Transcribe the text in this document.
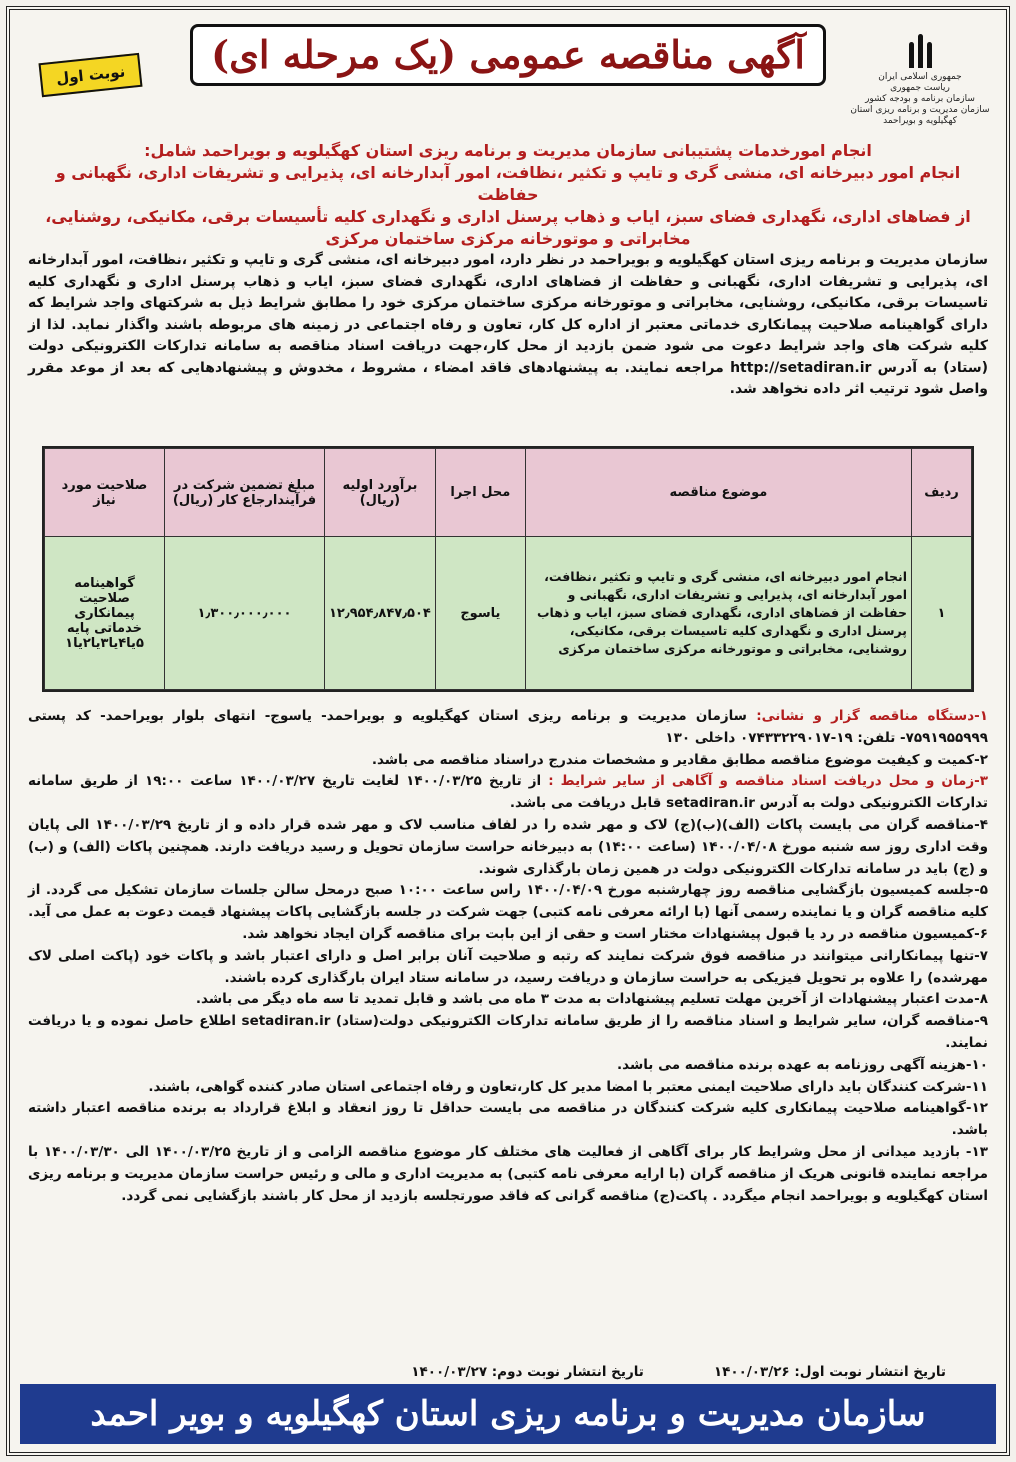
جمهوری اسلامی ایران
ریاست جمهوری
سازمان برنامه و بودجه کشور
سازمان مدیریت و برنامه ریزی استان کهگیلویه و بویراحمد
آگهی مناقصه عمومی (یک مرحله ای)
نوبت اول
انجام امورخدمات پشتیبانی سازمان مدیریت و برنامه ریزی استان کهگیلویه و بویراحمد شامل:
انجام امور دبیرخانه ای، منشی گری و تایپ و تکثیر ،نظافت، امور آبدارخانه ای، پذیرایی و تشریفات اداری، نگهبانی و حفاظت
از فضاهای اداری، نگهداری فضای سبز، ایاب و ذهاب پرسنل اداری و نگهداری کلیه تأسیسات برقی، مکانیکی، روشنایی،
مخابراتی و موتورخانه مرکزی ساختمان مرکزی
سازمان مدیریت و برنامه ریزی استان کهگیلویه و بویراحمد در نظر دارد، امور دبیرخانه ای، منشی گری و تایپ و تکثیر ،نظافت، امور آبدارخانه ای، پذیرایی و تشریفات اداری، نگهبانی و حفاظت از فضاهای اداری، نگهداری فضای سبز، ایاب و ذهاب پرسنل اداری و نگهداری کلیه تاسیسات برقی، مکانیکی، روشنایی، مخابراتی و موتورخانه مرکزی ساختمان مرکزی خود را مطابق شرایط ذیل به شرکتهای واجد شرایط که دارای گواهینامه صلاحیت پیمانکاری خدماتی معتبر از اداره کل کار، تعاون و رفاه اجتماعی در زمینه های مربوطه باشند واگذار نماید. لذا از کلیه شرکت های واجد شرایط دعوت می شود ضمن بازدید از محل کار،جهت دریافت اسناد مناقصه به سامانه تدارکات الکترونیکی دولت (ستاد) به آدرس http://setadiran.ir مراجعه نمایند. به پیشنهادهای فاقد امضاء ، مشروط ، مخدوش و پیشنهادهایی که بعد از موعد مقرر واصل شود ترتیب اثر داده نخواهد شد.
ردیف	موضوع مناقصه	محل اجرا	برآورد اولیه (ریال)	مبلغ تضمین شرکت در فرآیندارجاع کار (ریال)	صلاحیت مورد نیاز
۱	انجام امور دبیرخانه ای، منشی گری و تایپ و تکثیر ،نظافت، امور آبدارخانه ای، پذیرایی و تشریفات اداری، نگهبانی و حفاظت از فضاهای اداری، نگهداری فضای سبز، ایاب و ذهاب پرسنل اداری و نگهداری کلیه تاسیسات برقی، مکانیکی، روشنایی، مخابراتی و موتورخانه مرکزی ساختمان مرکزی	یاسوج	۱۲٫۹۵۴٫۸۴۷٫۵۰۴	۱٫۳۰۰٫۰۰۰٫۰۰۰	گواهینامه صلاحیت پیمانکاری خدماتی پایه ۵یا۴یا۳یا۲یا۱

۱-دستگاه مناقصه گزار و نشانی: سازمان مدیریت و برنامه ریزی استان کهگیلویه و بویراحمد- یاسوج- انتهای بلوار بویراحمد- کد پستی ۷۵۹۱۹۵۵۹۹۹- تلفن: ۱۹-۰۷۴۳۳۲۲۹۰۱۷ داخلی ۱۳۰

۲-کمیت و کیفیت موضوع مناقصه مطابق مقادیر و مشخصات مندرج دراسناد مناقصه می باشد.

۳-زمان و محل دریافت اسناد مناقصه و آگاهی از سایر شرایط : از تاریخ ۱۴۰۰/۰۳/۲۵ لغایت تاریخ ۱۴۰۰/۰۳/۲۷ ساعت ۱۹:۰۰ از طریق سامانه تدارکات الکترونیکی دولت به آدرس setadiran.ir قابل دریافت می باشد.

۴-مناقصه گران می بایست پاکات (الف)(ب)(ج) لاک و مهر شده را در لفاف مناسب لاک و مهر شده قرار داده و از تاریخ ۱۴۰۰/۰۳/۲۹ الی پایان وقت اداری روز سه شنبه مورخ ۱۴۰۰/۰۴/۰۸ (ساعت ۱۴:۰۰) به دبیرخانه حراست سازمان تحویل و رسید دریافت دارند. همچنین پاکات (الف) و (ب) و (ج) باید در سامانه تدارکات الکترونیکی دولت در همین زمان بارگذاری شوند.

۵-جلسه کمیسیون بازگشایی مناقصه روز چهارشنبه مورخ ۱۴۰۰/۰۴/۰۹ راس ساعت ۱۰:۰۰ صبح درمحل سالن جلسات سازمان تشکیل می گردد. از کلیه مناقصه گران و یا نماینده رسمی آنها (با ارائه معرفی نامه کتبی) جهت شرکت در جلسه بازگشایی پاکات پیشنهاد قیمت دعوت به عمل می آید.

۶-کمیسیون مناقصه در رد یا قبول پیشنهادات مختار است و حقی از این بابت برای مناقصه گران ایجاد نخواهد شد.

۷-تنها پیمانکارانی میتوانند در مناقصه فوق شرکت نمایند که رتبه و صلاحیت آنان برابر اصل و دارای اعتبار باشد و پاکات خود (پاکت اصلی لاک مهرشده) را علاوه بر تحویل فیزیکی به حراست سازمان و دریافت رسید، در سامانه ستاد ایران بارگذاری کرده باشند.

۸-مدت اعتبار پیشنهادات از آخرین مهلت تسلیم پیشنهادات به مدت ۳ ماه می باشد و قابل تمدید تا سه ماه دیگر می باشد.

۹-مناقصه گران، سایر شرایط و اسناد مناقصه را از طریق سامانه تدارکات الکترونیکی دولت(ستاد) setadiran.ir اطلاع حاصل نموده و یا دریافت نمایند.

۱۰-هزینه آگهی روزنامه به عهده برنده مناقصه می باشد.

۱۱-شرکت کنندگان باید دارای صلاحیت ایمنی معتبر با امضا مدیر کل کار،تعاون و رفاه اجتماعی استان صادر کننده گواهی، باشند.

۱۲-گواهینامه صلاحیت پیمانکاری کلیه شرکت کنندگان در مناقصه می بایست حداقل تا روز انعقاد و ابلاغ قرارداد به برنده مناقصه اعتبار داشته باشد.

۱۳- بازدید میدانی از محل وشرایط کار برای آگاهی از فعالیت های مختلف کار موضوع مناقصه الزامی و از تاریخ ۱۴۰۰/۰۳/۲۵ الی ۱۴۰۰/۰۳/۳۰ با مراجعه نماینده قانونی هریک از مناقصه گران (با ارایه معرفی نامه کتبی) به مدیریت اداری و مالی و رئیس حراست سازمان مدیریت و برنامه ریزی استان کهگیلویه و بویراحمد انجام میگردد . پاکت(ج) مناقصه گرانی که فاقد صورتجلسه بازدید از محل کار باشند بازگشایی نمی گردد.

تاریخ انتشار نوبت اول: ۱۴۰۰/۰۳/۲۶
تاریخ انتشار نوبت دوم: ۱۴۰۰/۰۳/۲۷
سازمان مدیریت و برنامه ریزی استان کهگیلویه و بویر احمد
